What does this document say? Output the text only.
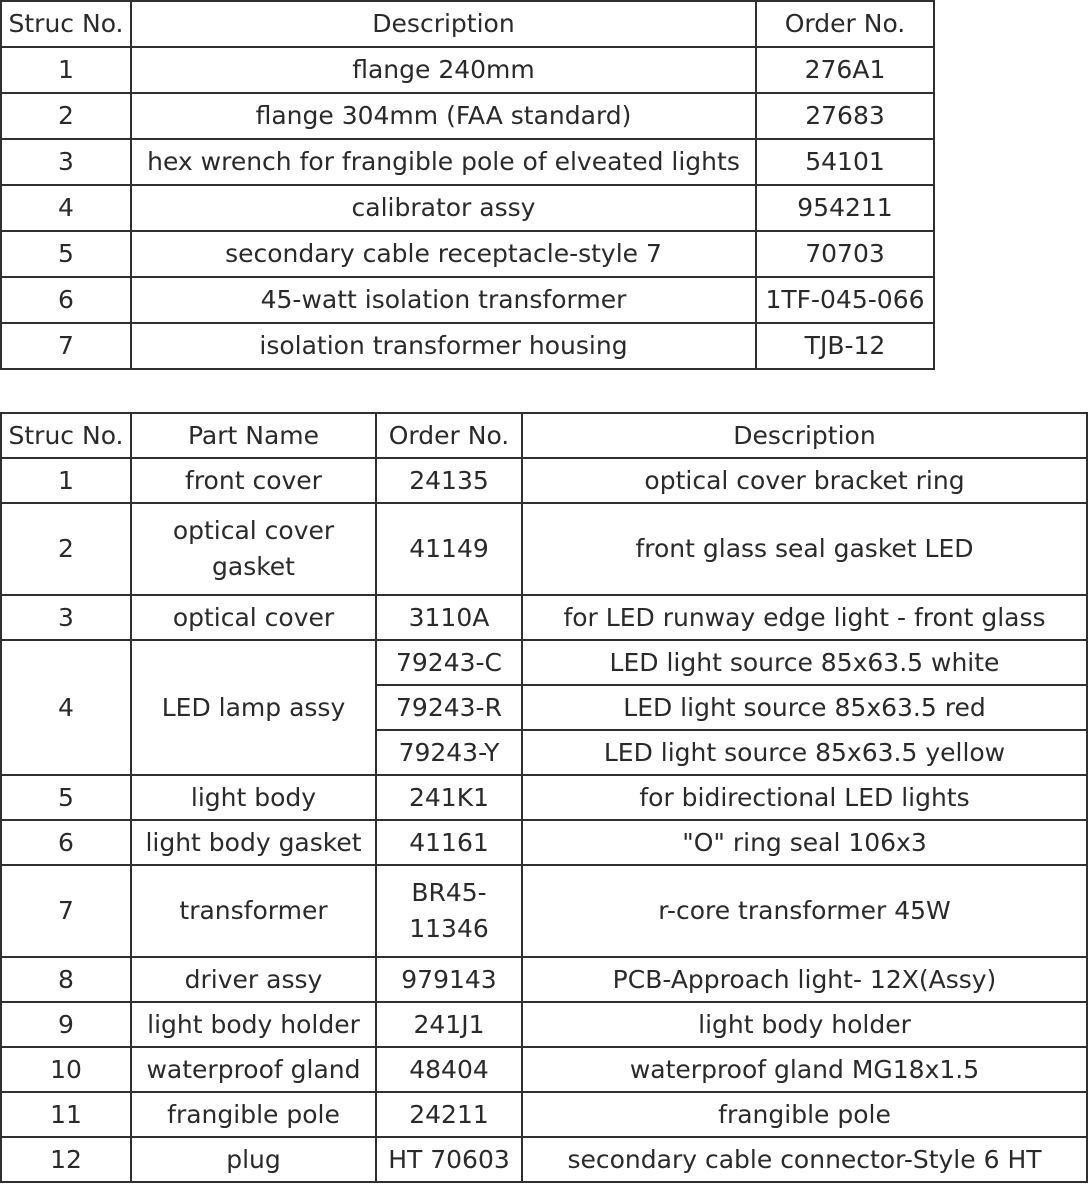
Struc No.	Description	Order No.
1	flange 240mm	276A1
2	flange 304mm (FAA standard)	27683
3	hex wrench for frangible pole of elveated lights	54101
4	calibrator assy	954211
5	secondary cable receptacle-style 7	70703
6	45-watt isolation transformer	1TF-045-066
7	isolation transformer housing	TJB-12
Struc No.	Part Name	Order No.	Description
1	front cover	24135	optical cover bracket ring
2	optical cover gasket	41149	front glass seal gasket LED
3	optical cover	3110A	for LED runway edge light - front glass
4	LED lamp assy	79243-C	LED light source 85x63.5 white
		79243-R	LED light source 85x63.5 red
		79243-Y	LED light source 85x63.5 yellow
5	light body	241K1	for bidirectional LED lights
6	light body gasket	41161	"O" ring seal 106x3
7	transformer	BR45-11346	r-core transformer 45W
8	driver assy	979143	PCB-Approach light- 12X(Assy)
9	light body holder	241J1	light body holder
10	waterproof gland	48404	waterproof gland MG18x1.5
11	frangible pole	24211	frangible pole
12	plug	HT 70603	secondary cable connector-Style 6 HT
